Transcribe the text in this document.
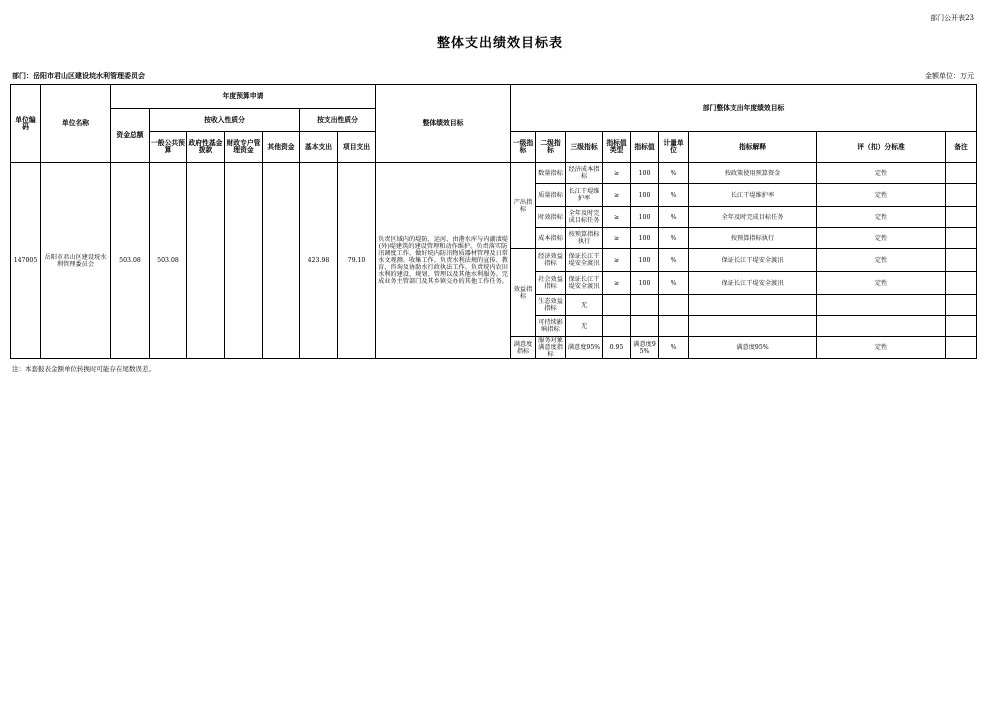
部门公开表23
整体支出绩效目标表
部门：岳阳市君山区建设垸水利管理委员会	金额单位：万元
单位编码	单位名称	年度预算申请							整体绩效目标	部门整体支出年度绩效目标								
		资金总额	按收入性质分				按支出性质分											
			一般公共预算	政府性基金拨款	财政专户管理资金	其他资金	基本支出	项目支出		一级指标	二级指标	三级指标	指标值类型	指标值	计量单位	指标解释	评（扣）分标准	备注
147005	岳阳市君山区建设垸水利管理委员会	503.08	503.08				423.98	79.10	负责区域内的堤防、运河、由港水库与内湖渍堤(外)堤建筑的建设管理和动作维护。负责落实防汛调度工作，做好垸内防汛物质器材管理及日常水文观测、收集工作。负责水利法规的宣传、教育、咨询及协助水行政执法工作。负责垸内农田水利的建设、规划、管理以及其他水利服务。完成业务主管部门及其乡镇交办的其他工作任务。	产出指标	数量指标	经济成本指标	≥	100	%	按政策使用预算资金	定性	
											质量指标	长江干堤维护率	≥	100	%	长江干堤维护率	定性	
											时效指标	全年及时完成目标任务	≥	100	%	全年及时完成目标任务	定性	
											成本指标	按预算指标执行	≥	100	%	按预算指标执行	定性	
										效益指标	经济效益指标	保证长江干堤安全渡汛	≥	100	%	保证长江干堤安全渡汛	定性	
											社会效益指标	保证长江干堤安全渡汛	≥	100	%	保证长江干堤安全渡汛	定性	
											生态效益指标	无						
											可持续影响指标	无						
										满意度指标	服务对象满意度指标	满意度95%	0.95	满意度95%	%	满意度95%	定性	
注：本套报表金额单位转换时可能存在尾数误差。
